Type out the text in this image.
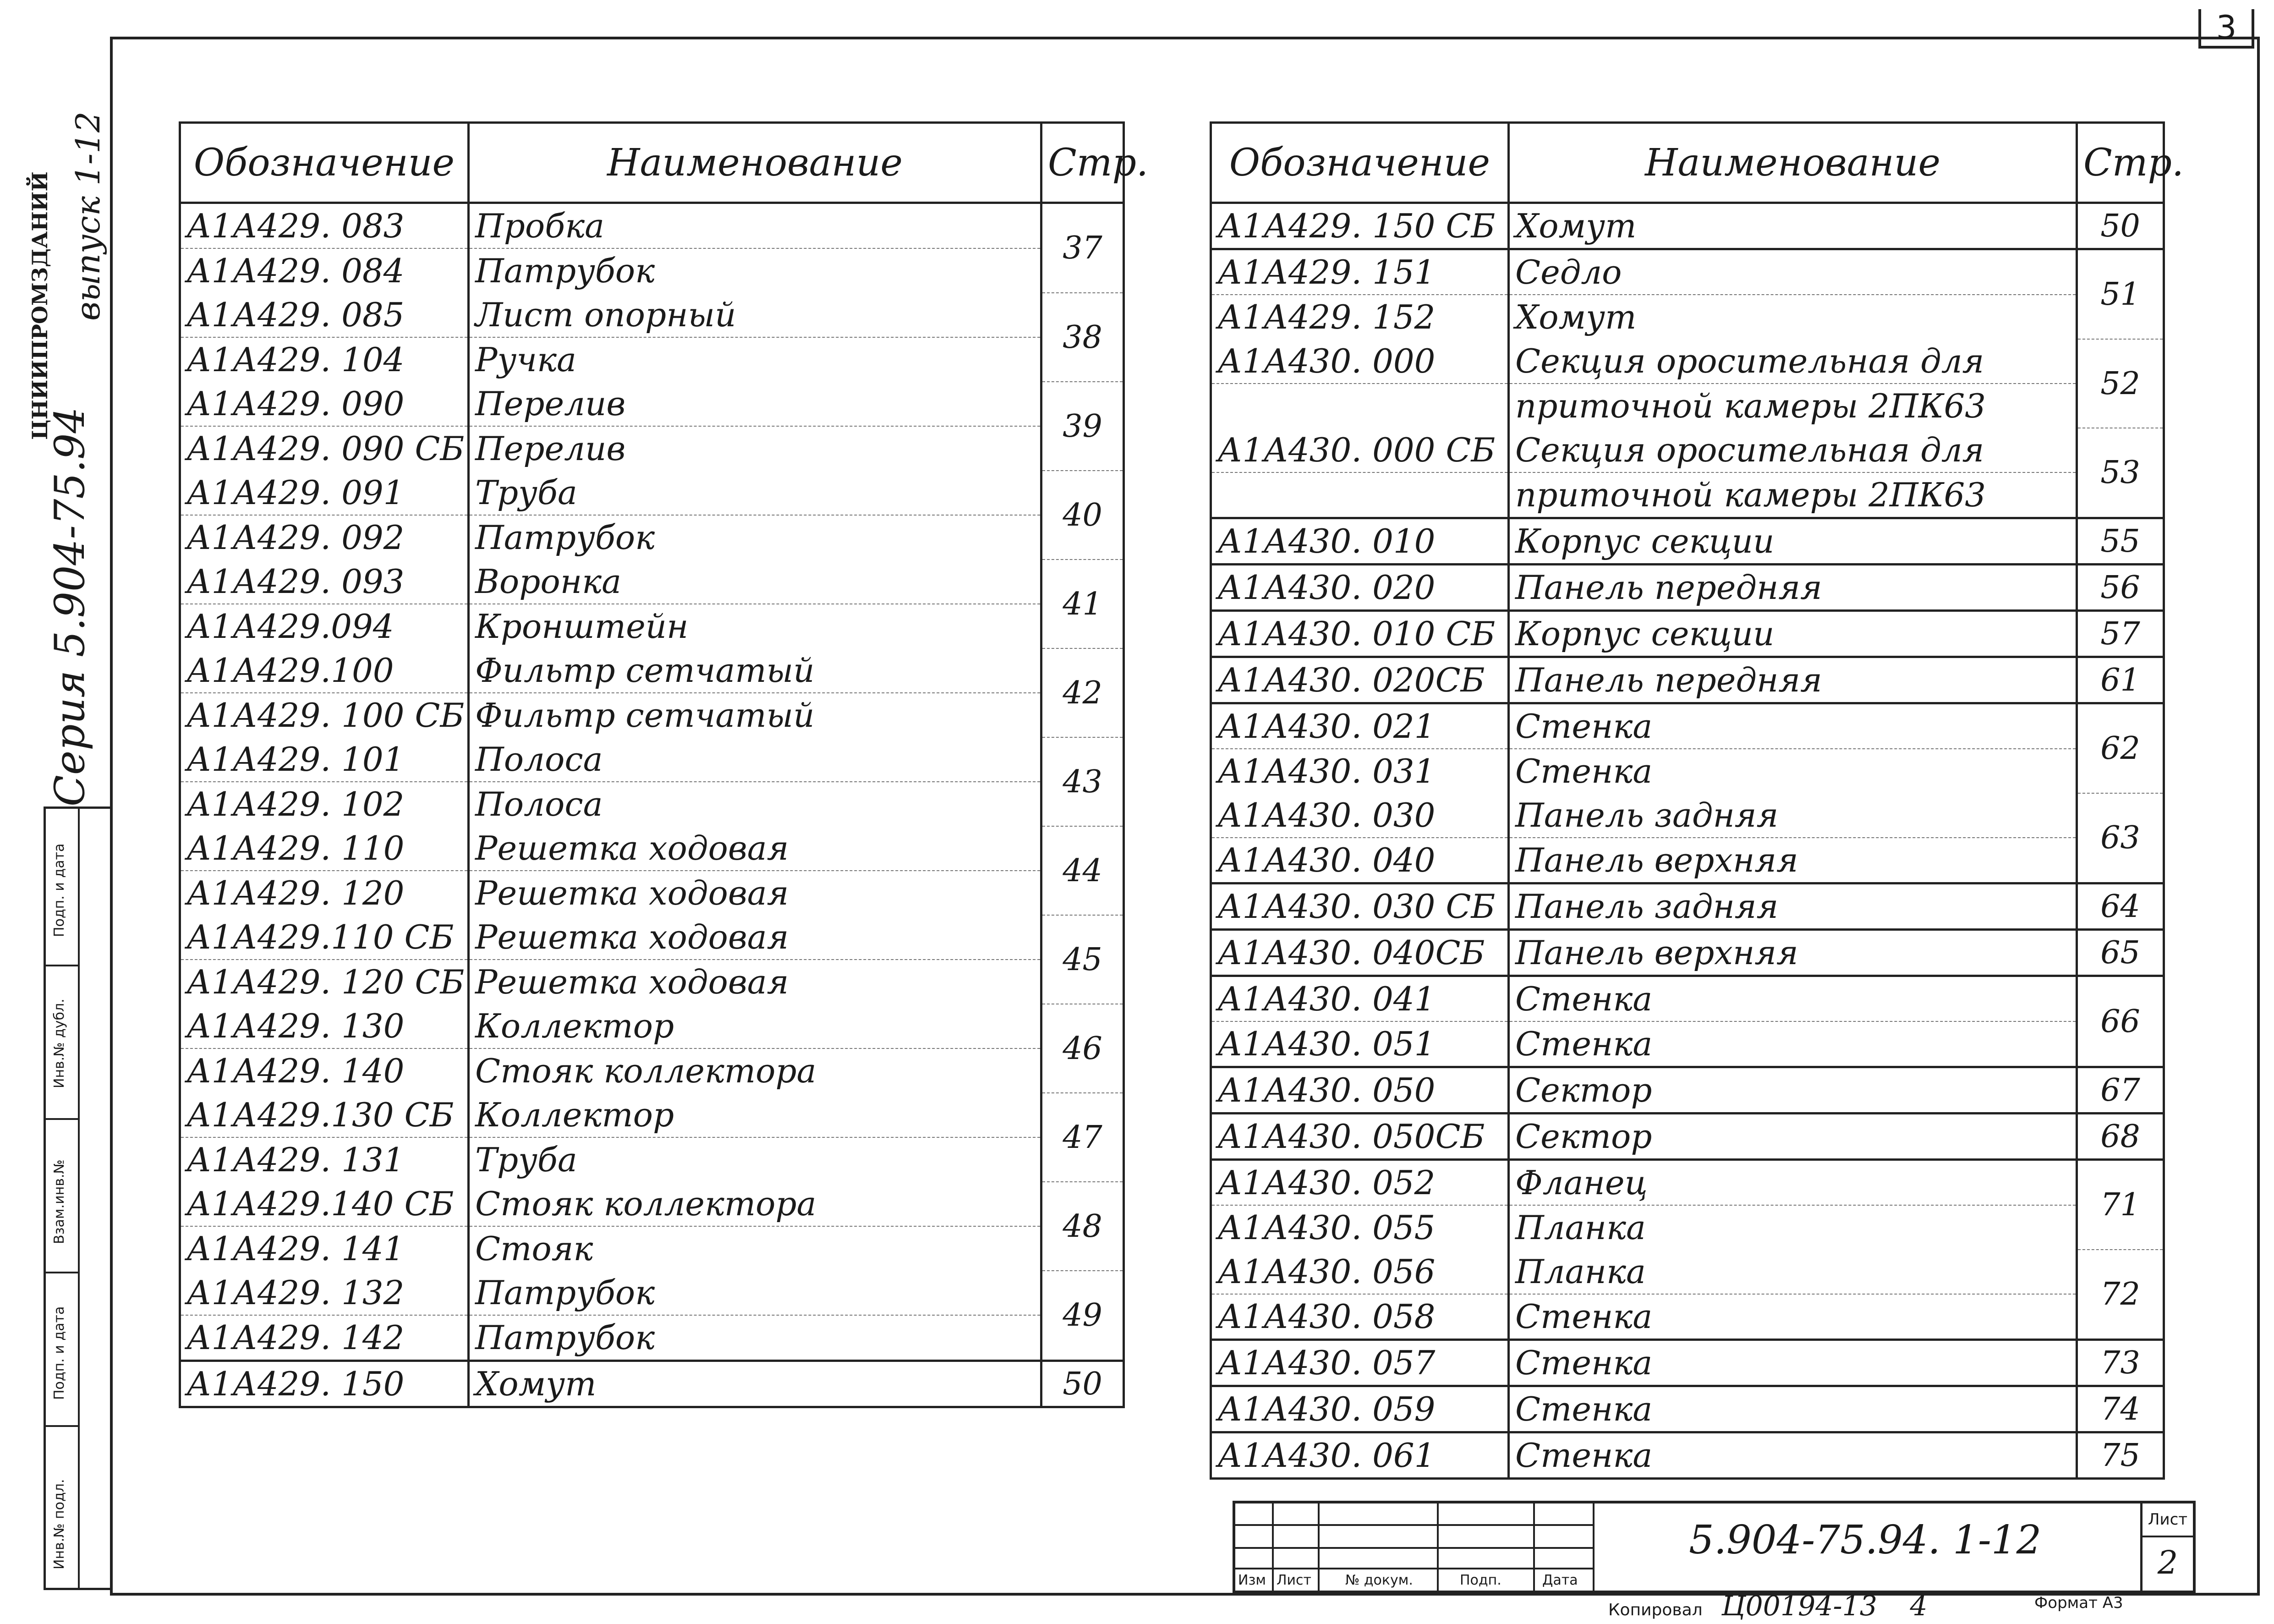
3
ЦНИИПРОМЗДАНИЙ выпуск 1-12
Серия 5.904-75.94
Подп. и дата
Инв.№ дубл.
Взам.инв.№
Подп. и дата
Инв.№ подл.
Обозначение	Наименование	Стр.
А1А429. 083	Пробка	37
А1А429. 084	Патрубок	
А1А429. 085	Лист опорный	38
А1А429. 104	Ручка	
А1А429. 090	Перелив	39
А1А429. 090 СБ	Перелив	
А1А429. 091	Труба	40
А1А429. 092	Патрубок	
А1А429. 093	Воронка	41
А1А429.094	Кронштейн	
А1А429.100	Фильтр сетчатый	42
А1А429. 100 СБ	Фильтр сетчатый	
А1А429. 101	Полоса	43
А1А429. 102	Полоса	
А1А429. 110	Решетка ходовая	44
А1А429. 120	Решетка ходовая	
А1А429.110 СБ	Решетка ходовая	45
А1А429. 120 СБ	Решетка ходовая	
А1А429. 130	Коллектор	46
А1А429. 140	Стояк коллектора	
А1А429.130 СБ	Коллектор	47
А1А429. 131	Труба	
А1А429.140 СБ	Стояк коллектора	48
А1А429. 141	Стояк	
А1А429. 132	Патрубок	49
А1А429. 142	Патрубок	
А1А429. 150	Хомут	50
Обозначение	Наименование	Стр.
А1А429. 150 СБ	Хомут	50
А1А429. 151	Седло	51
А1А429. 152	Хомут	
А1А430. 000	Секция оросительная для	52
	приточной камеры 2ПК63	
А1А430. 000 СБ	Секция оросительная для	53
	приточной камеры 2ПК63	
А1А430. 010	Корпус секции	55
А1А430. 020	Панель передняя	56
А1А430. 010 СБ	Корпус секции	57
А1А430. 020СБ	Панель передняя	61
А1А430. 021	Стенка	62
А1А430. 031	Стенка	
А1А430. 030	Панель задняя	63
А1А430. 040	Панель верхняя	
А1А430. 030 СБ	Панель задняя	64
А1А430. 040СБ	Панель верхняя	65
А1А430. 041	Стенка	66
А1А430. 051	Стенка	
А1А430. 050	Сектор	67
А1А430. 050СБ	Сектор	68
А1А430. 052	Фланец	71
А1А430. 055	Планка	
А1А430. 056	Планка	72
А1А430. 058	Стенка	
А1А430. 057	Стенка	73
А1А430. 059	Стенка	74
А1А430. 061	Стенка	75
Изм Лист № докум.	Подп.	Дата
5.904-75.94. 1-12	Лист
2
Копировал Ц00194-13 4	Формат А3
